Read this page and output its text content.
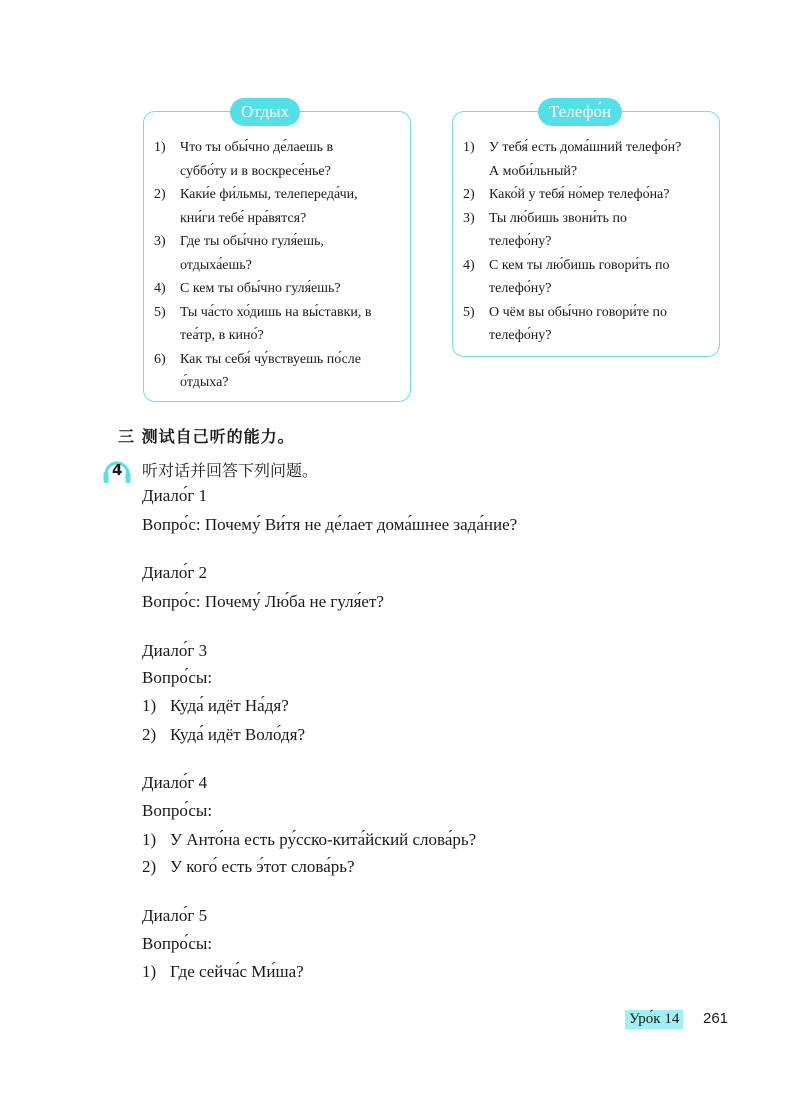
Отдых
1) Что ты обы́чно де́лаешь в
суббо́ту и в воскресе́нье?
2) Каки́е фи́льмы, телепереда́чи,
кни́ги тебе́ нра́вятся?
3) Где ты обы́чно гуля́ешь,
отдыха́ешь?
4) С кем ты обы́чно гуля́ешь?
5) Ты ча́сто хо́дишь на вы́ставки, в
теа́тр, в кино́?
6) Как ты себя́ чу́вствуешь по́сле
о́тдыха?
Телефо́н
1) У тебя́ есть дома́шний телефо́н?
А моби́льный?
2) Како́й у тебя́ но́мер телефо́на?
3) Ты лю́бишь звони́ть по
телефо́ну?
4) С кем ты лю́бишь говори́ть по
телефо́ну?
5) О чём вы обы́чно говори́те по
телефо́ну?
三 测试自己听的能力。
4 听对话并回答下列问题。
Диало́г 1
Вопро́с: Почему́ Ви́тя не де́лает дома́шнее зада́ние?
Диало́г 2
Вопро́с: Почему́ Лю́ба не гуля́ет?
Диало́г 3
Вопро́сы:
1) Куда́ идёт На́дя?
2) Куда́ идёт Воло́дя?
Диало́г 4
Вопро́сы:
1) У Анто́на есть ру́сско-кита́йский слова́рь?
2) У кого́ есть э́тот слова́рь?
Диало́г 5
Вопро́сы:
1) Где сейча́с Ми́ша?
Уро́к 14 261
